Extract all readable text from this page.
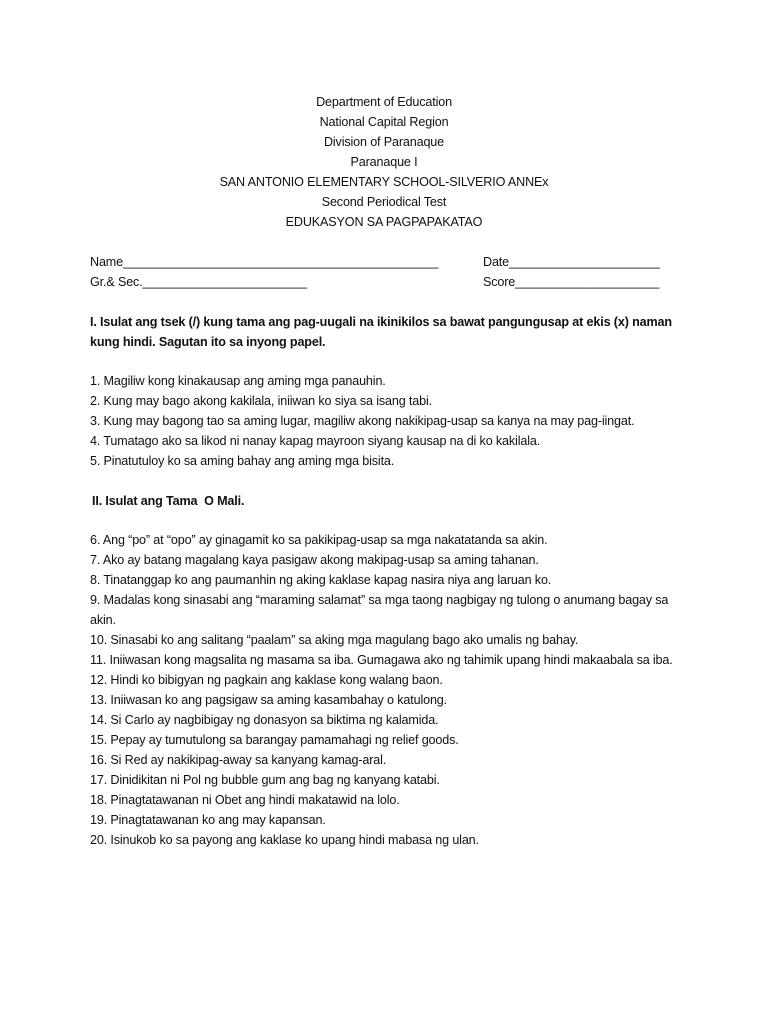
Department of Education
National Capital Region
Division of Paranaque
Paranaque I
SAN ANTONIO ELEMENTARY SCHOOL-SILVERIO ANNEx
Second Periodical Test
EDUKASYON SA PAGPAPAKATAO
Name______________________________________________	Date______________________
Gr.& Sec.________________________	Score_____________________
I. Isulat ang tsek (/) kung tama ang pag-uugali na ikinikilos sa bawat pangungusap at ekis (x) naman kung hindi. Sagutan ito sa inyong papel.
1. Magiliw kong kinakausap ang aming mga panauhin.
2. Kung may bago akong kakilala, iniiwan ko siya sa isang tabi.
3. Kung may bagong tao sa aming lugar, magiliw akong nakikipag-usap sa kanya na may pag-iingat.
4. Tumatago ako sa likod ni nanay kapag mayroon siyang kausap na di ko kakilala.
5. Pinatutuloy ko sa aming bahay ang aming mga bisita.
II. Isulat ang Tama  O Mali.
6. Ang “po” at “opo” ay ginagamit ko sa pakikipag-usap sa mga nakatatanda sa akin.
7. Ako ay batang magalang kaya pasigaw akong makipag-usap sa aming tahanan.
8. Tinatanggap ko ang paumanhin ng aking kaklase kapag nasira niya ang laruan ko.
9. Madalas kong sinasabi ang “maraming salamat” sa mga taong nagbigay ng tulong o anumang bagay sa akin.
10. Sinasabi ko ang salitang “paalam” sa aking mga magulang bago ako umalis ng bahay.
11. Iniiwasan kong magsalita ng masama sa iba. Gumagawa ako ng tahimik upang hindi makaabala sa iba.
12. Hindi ko bibigyan ng pagkain ang kaklase kong walang baon.
13. Iniiwasan ko ang pagsigaw sa aming kasambahay o katulong.
14. Si Carlo ay nagbibigay ng donasyon sa biktima ng kalamida.
15. Pepay ay tumutulong sa barangay pamamahagi ng relief goods.
16. Si Red ay nakikipag-away sa kanyang kamag-aral.
17. Dinidikitan ni Pol ng bubble gum ang bag ng kanyang katabi.
18. Pinagtatawanan ni Obet ang hindi makatawid na lolo.
19. Pinagtatawanan ko ang may kapansan.
20. Isinukob ko sa payong ang kaklase ko upang hindi mabasa ng ulan.
